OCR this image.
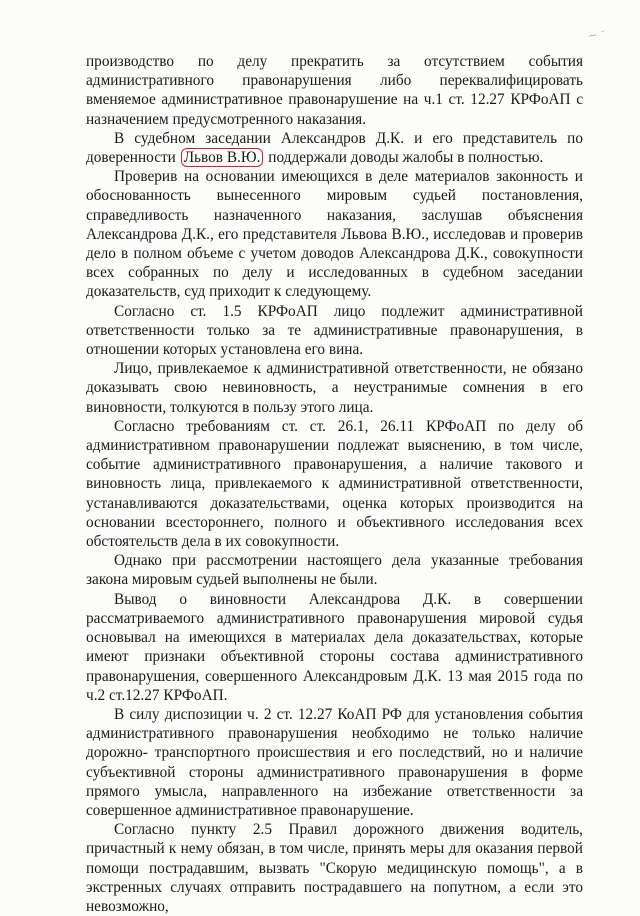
~ ⁻

производство по делу прекратить за отсутствием события административного правонарушения либо переквалифицировать вменяемое административное правонарушение на ч.1 ст. 12.27 КРФоАП с назначением предусмотренного наказания.

В судебном заседании Александров Д.К. и его представитель по доверенности Львов В.Ю. поддержали доводы жалобы в полностью.

Проверив на основании имеющихся в деле материалов законность и обоснованность вынесенного мировым судьей постановления, справедливость назначенного наказания, заслушав объяснения Александрова Д.К., его представителя Львова В.Ю., исследовав и проверив дело в полном объеме с учетом доводов Александрова Д.К., совокупности всех собранных по делу и исследованных в судебном заседании доказательств, суд приходит к следующему.

Согласно ст. 1.5 КРФоАП лицо подлежит административной ответственности только за те административные правонарушения, в отношении которых установлена его вина.

Лицо, привлекаемое к административной ответственности, не обязано доказывать свою невиновность, а неустранимые сомнения в его виновности, толкуются в пользу этого лица.

Согласно требованиям ст. ст. 26.1, 26.11 КРФоАП по делу об административном правонарушении подлежат выяснению, в том числе, событие административного правонарушения, а наличие такового и виновность лица, привлекаемого к административной ответственности, устанавливаются доказательствами, оценка которых производится на основании всестороннего, полного и объективного исследования всех обстоятельств дела в их совокупности.

Однако при рассмотрении настоящего дела указанные требования закона мировым судьей выполнены не были.

Вывод о виновности Александрова Д.К. в совершении рассматриваемого административного правонарушения мировой судья основывал на имеющихся в материалах дела доказательствах, которые имеют признаки объективной стороны состава административного правонарушения, совершенного Александровым Д.К. 13 мая 2015 года по ч.2 ст.12.27 КРФоАП.

В силу диспозиции ч. 2 ст. 12.27 КоАП РФ для установления события административного правонарушения необходимо не только наличие дорожно- транспортного происшествия и его последствий, но и наличие субъективной стороны административного правонарушения в форме прямого умысла, направленного на избежание ответственности за совершенное административное правонарушение.

Согласно пункту 2.5 Правил дорожного движения водитель, причастный к нему обязан, в том числе, принять меры для оказания первой помощи пострадавшим, вызвать "Скорую медицинскую помощь", а в экстренных случаях отправить пострадавшего на попутном, а если это невозможно,
